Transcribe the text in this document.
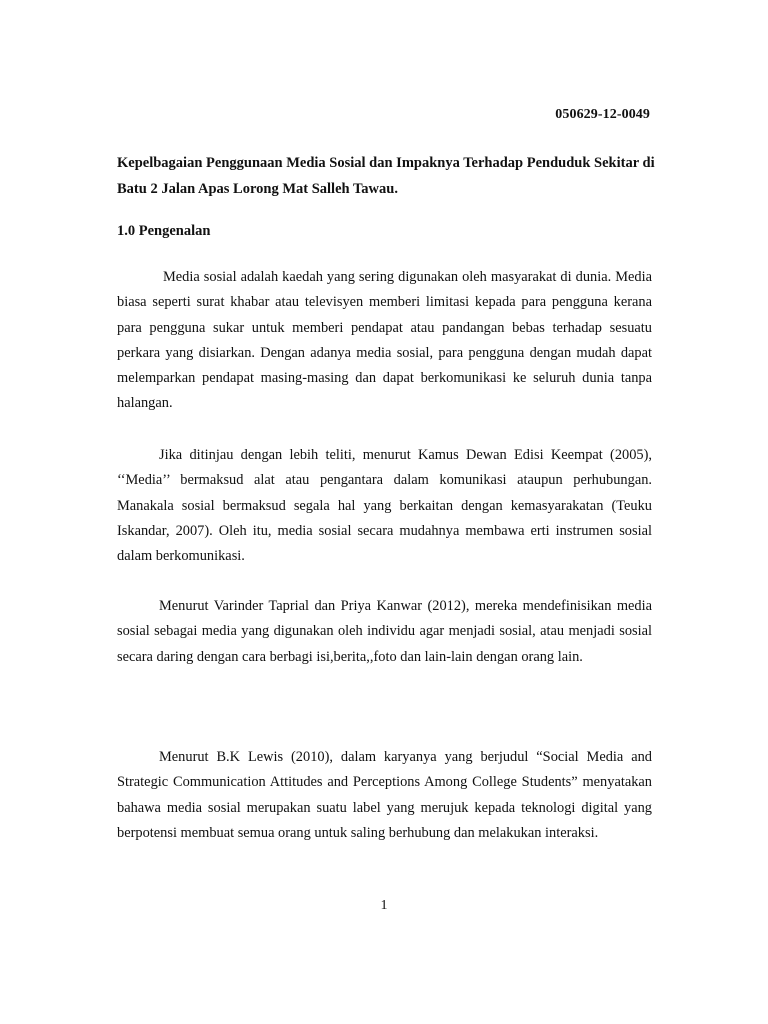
050629-12-0049

Kepelbagaian Penggunaan Media Sosial dan Impaknya Terhadap Penduduk Sekitar di Batu 2 Jalan Apas Lorong Mat Salleh Tawau.

1.0 Pengenalan

Media sosial adalah kaedah yang sering digunakan oleh masyarakat di dunia. Media biasa seperti surat khabar atau televisyen memberi limitasi kepada para pengguna kerana para pengguna sukar untuk memberi pendapat atau pandangan bebas terhadap sesuatu perkara yang disiarkan. Dengan adanya media sosial, para pengguna dengan mudah dapat melemparkan pendapat masing-masing dan dapat berkomunikasi ke seluruh dunia tanpa halangan.

Jika ditinjau dengan lebih teliti, menurut Kamus Dewan Edisi Keempat (2005), ‘‘Media’’ bermaksud alat atau pengantara dalam komunikasi ataupun perhubungan. Manakala sosial bermaksud segala hal yang berkaitan dengan kemasyarakatan (Teuku Iskandar, 2007). Oleh itu, media sosial secara mudahnya membawa erti instrumen sosial dalam berkomunikasi.

Menurut Varinder Taprial dan Priya Kanwar (2012), mereka mendefinisikan media sosial sebagai media yang digunakan oleh individu agar menjadi sosial, atau menjadi sosial secara daring dengan cara berbagi isi,berita,,foto dan lain-lain dengan orang lain.

Menurut B.K Lewis (2010), dalam karyanya yang berjudul “Social Media and Strategic Communication Attitudes and Perceptions Among College Students” menyatakan bahawa media sosial merupakan suatu label yang merujuk kepada teknologi digital yang berpotensi membuat semua orang untuk saling berhubung dan melakukan interaksi.

1
